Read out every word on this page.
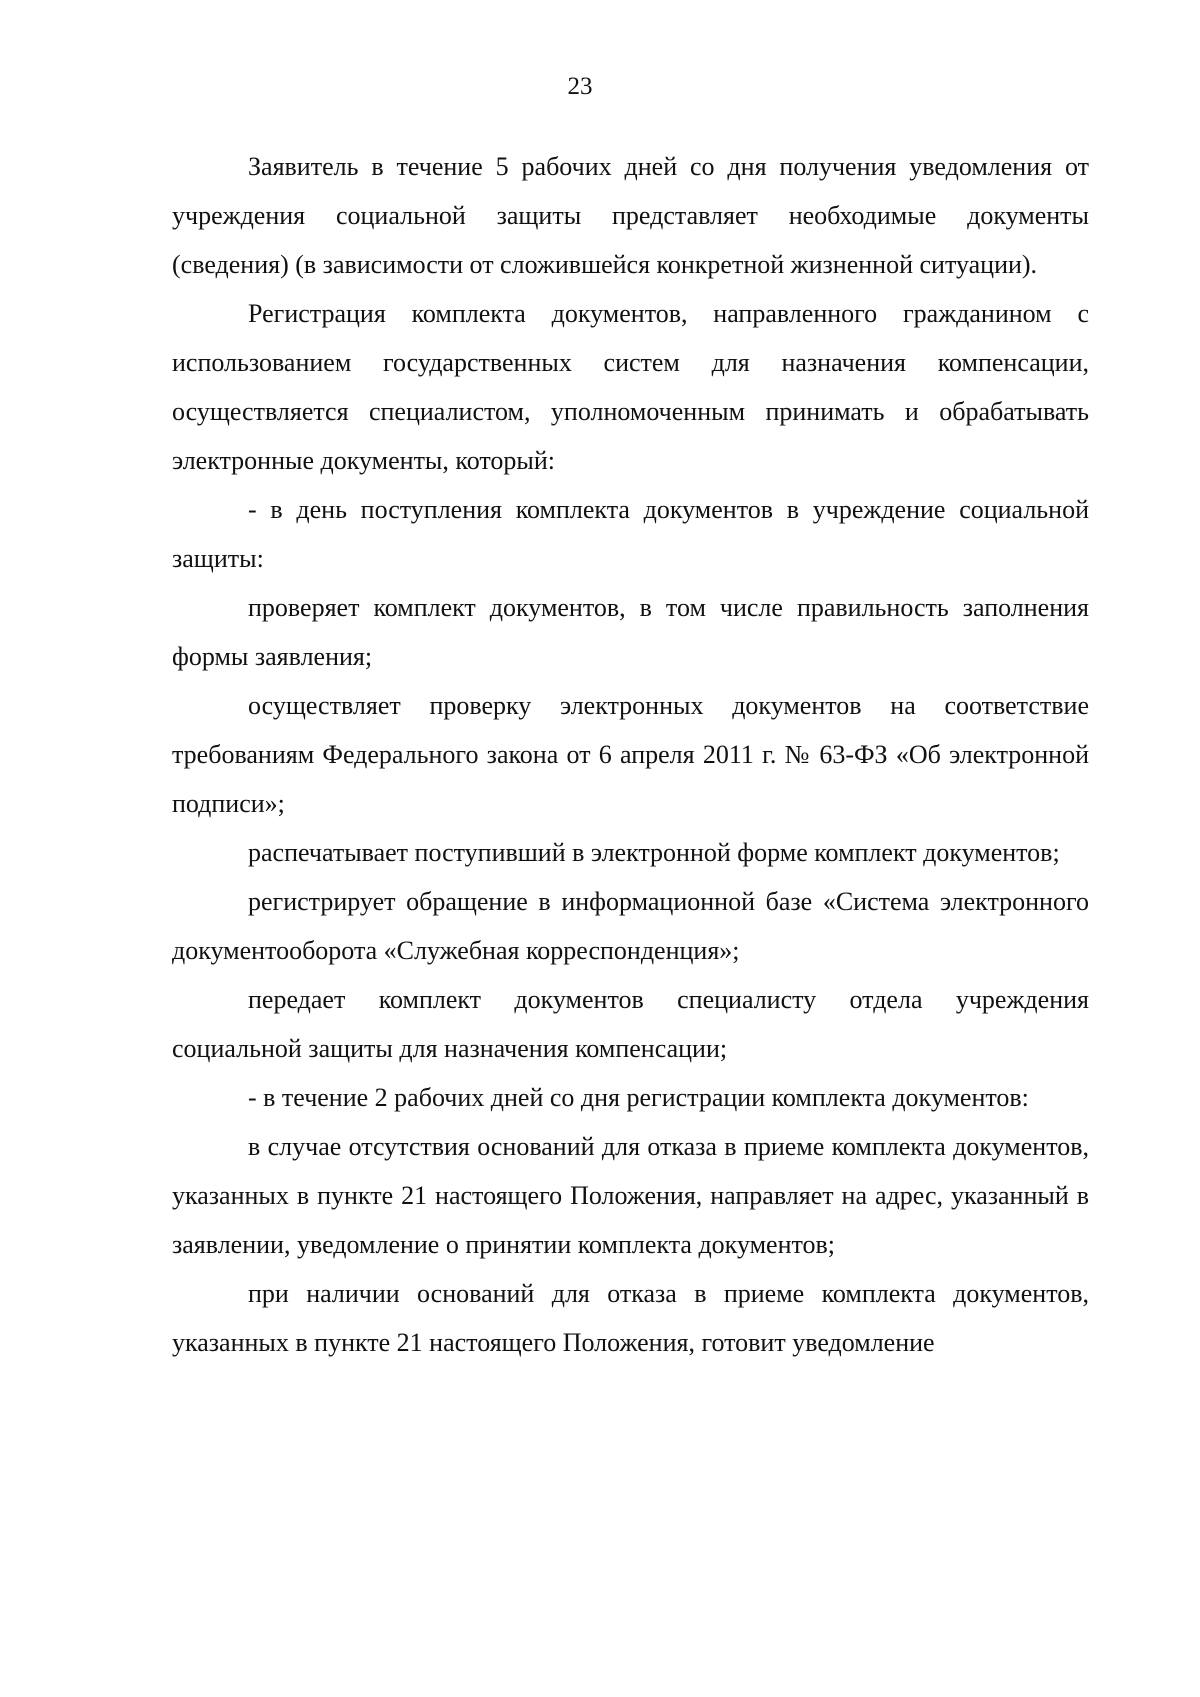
23

Заявитель в течение 5 рабочих дней со дня получения уведомления от учреждения социальной защиты представляет необходимые документы (сведения) (в зависимости от сложившейся конкретной жизненной ситуации).

Регистрация комплекта документов, направленного гражданином с использованием государственных систем для назначения компенсации, осуществляется специалистом, уполномоченным принимать и обрабатывать электронные документы, который:

- в день поступления комплекта документов в учреждение социальной защиты:

проверяет комплект документов, в том числе правильность заполнения формы заявления;

осуществляет проверку электронных документов на соответствие требованиям Федерального закона от 6 апреля 2011 г. № 63-ФЗ «Об электронной подписи»;

распечатывает поступивший в электронной форме комплект документов;

регистрирует обращение в информационной базе «Система электронного документооборота «Служебная корреспонденция»;

передает комплект документов специалисту отдела учреждения социальной защиты для назначения компенсации;

- в течение 2 рабочих дней со дня регистрации комплекта документов:

в случае отсутствия оснований для отказа в приеме комплекта документов, указанных в пункте 21 настоящего Положения, направляет на адрес, указанный в заявлении, уведомление о принятии комплекта документов;

при наличии оснований для отказа в приеме комплекта документов, указанных в пункте 21 настоящего Положения, готовит уведомление
